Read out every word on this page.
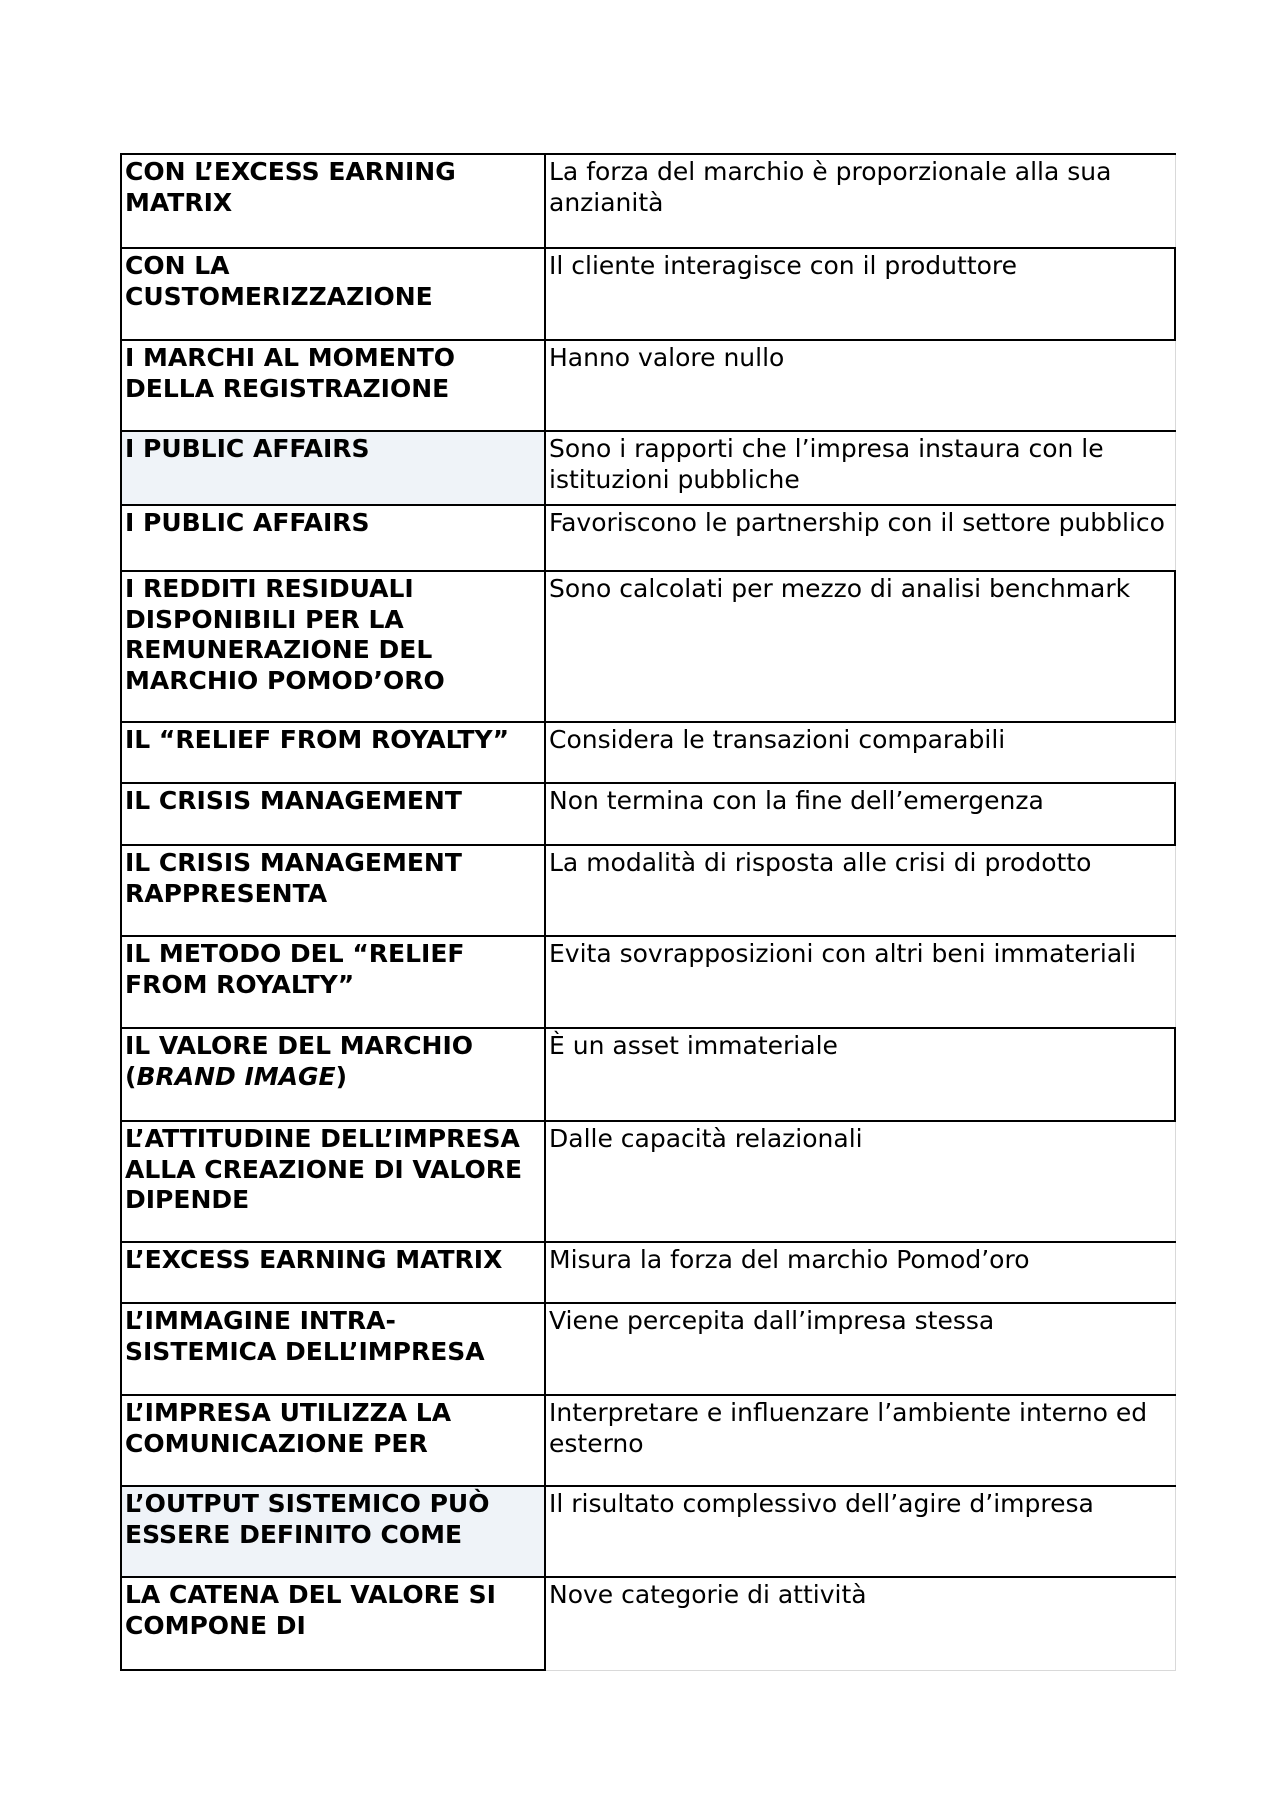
CON L’EXCESS EARNING MATRIX	La forza del marchio è proporzionale alla sua anzianità
CON LA CUSTOMERIZZAZIONE	Il cliente interagisce con il produttore
I MARCHI AL MOMENTO DELLA REGISTRAZIONE	Hanno valore nullo
I PUBLIC AFFAIRS	Sono i rapporti che l’impresa instaura con le istituzioni pubbliche
I PUBLIC AFFAIRS	Favoriscono le partnership con il settore pubblico
I REDDITI RESIDUALI DISPONIBILI PER LA REMUNERAZIONE DEL MARCHIO POMOD’ORO	Sono calcolati per mezzo di analisi benchmark
IL “RELIEF FROM ROYALTY”	Considera le transazioni comparabili
IL CRISIS MANAGEMENT	Non termina con la fine dell’emergenza
IL CRISIS MANAGEMENT RAPPRESENTA	La modalità di risposta alle crisi di prodotto
IL METODO DEL “RELIEF FROM ROYALTY”	Evita sovrapposizioni con altri beni immateriali
IL VALORE DEL MARCHIO (BRAND IMAGE)	È un asset immateriale
L’ATTITUDINE DELL’IMPRESA ALLA CREAZIONE DI VALORE DIPENDE	Dalle capacità relazionali
L’EXCESS EARNING MATRIX	Misura la forza del marchio Pomod’oro
L’IMMAGINE INTRA-SISTEMICA DELL’IMPRESA	Viene percepita dall’impresa stessa
L’IMPRESA UTILIZZA LA COMUNICAZIONE PER	Interpretare e influenzare l’ambiente interno ed esterno
L’OUTPUT SISTEMICO PUÒ ESSERE DEFINITO COME	Il risultato complessivo dell’agire d’impresa
LA CATENA DEL VALORE SI COMPONE DI	Nove categorie di attività
